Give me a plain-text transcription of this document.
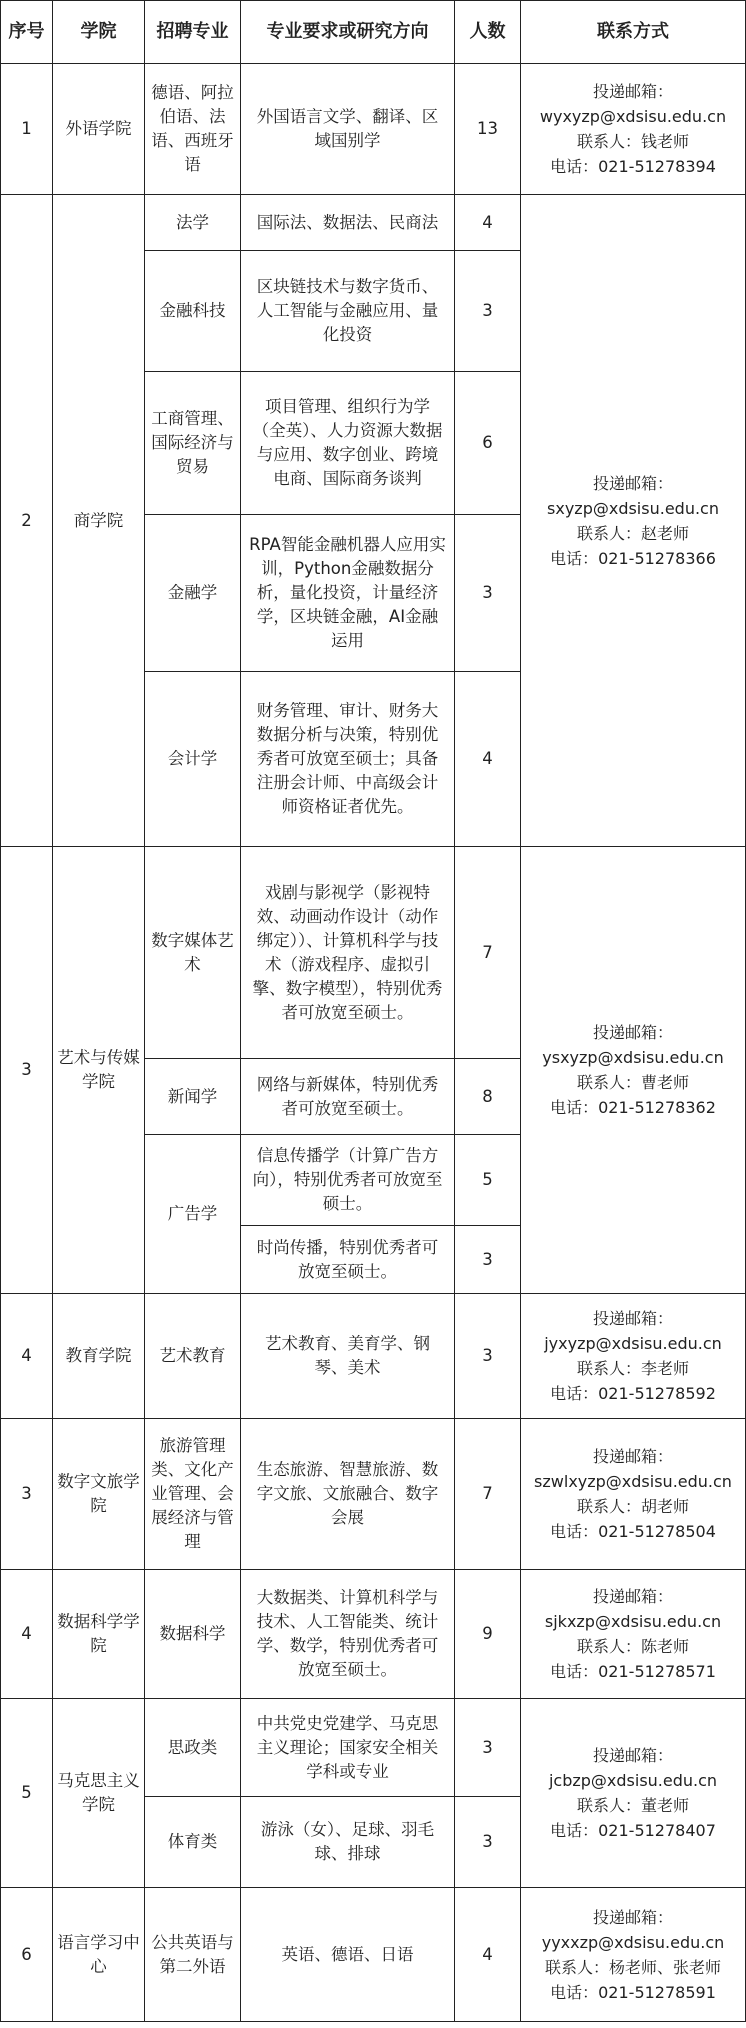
序号	学院	招聘专业	专业要求或研究方向	人数	联系方式
1	外语学院	德语、阿拉伯语、法语、西班牙语	外国语言文学、翻译、区域国别学	13	投递邮箱：
wyxyzp@xdsisu.edu.cn
联系人：钱老师
电话：021-51278394

2	商学院	法学	国际法、数据法、民商法	4	投递邮箱：
sxyzp@xdsisu.edu.cn
联系人：赵老师
电话：021-51278366

		金融科技	区块链技术与数字货币、人工智能与金融应用、量化投资	3	
		工商管理、国际经济与贸易	项目管理、组织行为学（全英）、人力资源大数据与应用、数字创业、跨境电商、国际商务谈判	6	
		金融学	RPA智能金融机器人应用实训，Python金融数据分析，量化投资，计量经济学，区块链金融，AI金融运用	3	
		会计学	财务管理、审计、财务大数据分析与决策，特别优秀者可放宽至硕士；具备注册会计师、中高级会计师资格证者优先。	4	
3	艺术与传媒学院	数字媒体艺术	戏剧与影视学（影视特效、动画动作设计（动作绑定））、计算机科学与技术（游戏程序、虚拟引擎、数字模型），特别优秀者可放宽至硕士。	7	投递邮箱：
ysxyzp@xdsisu.edu.cn
联系人：曹老师
电话：021-51278362

		新闻学	网络与新媒体，特别优秀者可放宽至硕士。	8	
		广告学	信息传播学（计算广告方向），特别优秀者可放宽至硕士。	5	
			时尚传播，特别优秀者可放宽至硕士。	3	
4	教育学院	艺术教育	艺术教育、美育学、钢琴、美术	3	投递邮箱：
jyxyzp@xdsisu.edu.cn
联系人：李老师
电话：021-51278592

3	数字文旅学院	旅游管理类、文化产业管理、会展经济与管理	生态旅游、智慧旅游、数字文旅、文旅融合、数字会展	7	投递邮箱：
szwlxyzp@xdsisu.edu.cn
联系人：胡老师
电话：021-51278504

4	数据科学学院	数据科学	大数据类、计算机科学与技术、人工智能类、统计学、数学，特别优秀者可放宽至硕士。	9	投递邮箱：
sjkxzp@xdsisu.edu.cn
联系人：陈老师
电话：021-51278571

5	马克思主义学院	思政类	中共党史党建学、马克思主义理论；国家安全相关学科或专业	3	投递邮箱：
jcbzp@xdsisu.edu.cn
联系人：董老师
电话：021-51278407

		体育类	游泳（女）、足球、羽毛球、排球	3	
6	语言学习中心	公共英语与第二外语	英语、德语、日语	4	投递邮箱：
yyxxzp@xdsisu.edu.cn
联系人：杨老师、张老师
电话：021-51278591
